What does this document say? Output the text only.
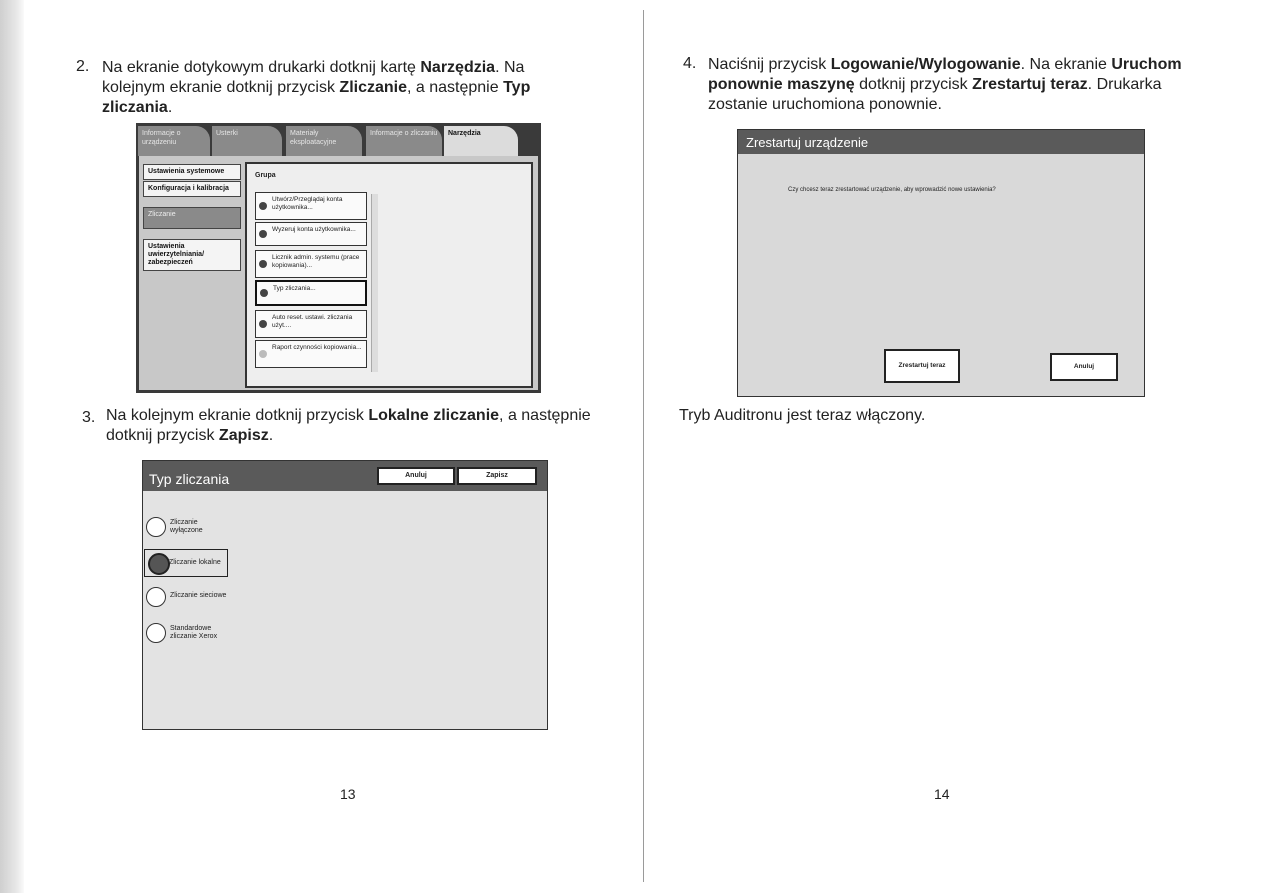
2. Na ekranie dotykowym drukarki dotknij kartę Narzędzia. Na kolejnym ekranie dotknij przycisk Zliczanie, a następnie Typ zliczania.
Informacje o urządzeniu
Usterki	Materiały eksploatacyjne
Informacje o zliczaniu	Narzędzia
Ustawienia systemowe
Konfiguracja i kalibracja
Zliczanie
Ustawienia uwierzytelniania/ zabezpieczeń
Grupa
Utwórz/Przeglądaj konta użytkownika...
Wyzeruj konta użytkownika...
Licznik admin. systemu (prace kopiowania)...
Typ zliczania...
Auto reset. ustawi. zliczania użyt....
Raport czynności kopiowania...
3. Na kolejnym ekranie dotknij przycisk Lokalne zliczanie, a następnie dotknij przycisk Zapisz.
Typ zliczania	Anuluj	Zapisz
Zliczanie wyłączone
Zliczanie lokalne
Zliczanie sieciowe
Standardowe zliczanie Xerox
13
4. Naciśnij przycisk Logowanie/Wylogowanie. Na ekranie Uruchom ponownie maszynę dotknij przycisk Zrestartuj teraz. Drukarka zostanie uruchomiona ponownie.
Zrestartuj urządzenie
Czy chcesz teraz zrestartować urządzenie, aby wprowadzić nowe ustawienia?
Zrestartuj teraz	Anuluj
Tryb Auditronu jest teraz włączony.
14
